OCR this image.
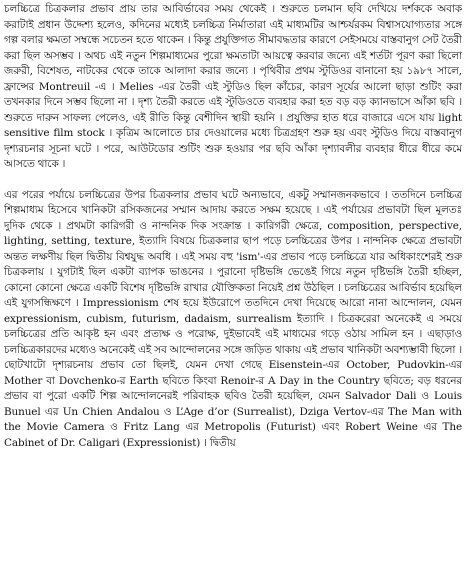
চলচ্চিত্রে চিত্রকলার প্রভাব প্রায় তার আবির্ভাবের সময় থেকেই । শুরুতে চলমান ছবি দেখিয়ে দর্শককে অবাক করাটাই প্রধান উদ্দেশ্য হলেও, কদিনের মধ্যেই চলচ্চিত্র নির্মাতারা এই মাধ্যমটির আশ্চর্যরকম বিশ্বাসযোগ্যতার সঙ্গে গল্প বলার ক্ষমতা সম্বন্ধে সচেতন হতে থাকেন । কিন্তু প্রযুক্তিগত সীমাবদ্ধতার কারণে সেইসময়ে বাস্তবানুগ সেট তৈরী করা ছিল অসম্ভব । অথচ এই নতুন শিল্পমাধ্যমের পুরো ক্ষমতাটা আয়ত্বে করবার জন্যে এই শর্তটা পূরণ করা ছিলো জরুরী, বিশেষত, নাটকের থেকে তাকে আলাদা করার জন্যে । পৃথিবীর প্রথম স্টুডিওর বানানো হয় ১৯৮৭ সালে, ফ্রান্সের Montreuil -এ । Melies -এর তৈরী এই স্টুডিও ছিল কাঁচের, কারণ সূর্যের আলো ছাড়া শুটিং করা তখনকার দিনে সম্ভব ছিলো না । দৃশ্য তৈরী করতে এই স্টুডিওতে ব্যবহার করা হত বড় বড় ক্যানভাসে আঁকা ছবি । শুরুতে দারুন সাফল্য পেলেও, এই রীতি কিন্তু বেশীদিন স্থায়ী হয়নি । প্রযুক্তির হাত ধরে বাজারে এসে যায় light sensitive film stock । কৃত্রিম আলোতে চার দেওয়ালের মধ্যে চিত্রগ্রহণ শুরু হয় এবং স্টুডিও দিয়ে বাস্তবানুগ দৃশ্যরচনার সূচনা ঘটে । পরে, আউটডোর শুটিং শুরু হওয়ার পর ছবি আঁকা দৃশ্যাবলীর ব্যবহার ধীরে ধীরে কমে আসতে থাকে ।

এর পরের পর্যায়ে চলচ্চিত্রের উপর চিত্রকলার প্রভাব ঘটে অন্যভাবে, একটু সম্মানজনকভাবে । ততদিনে চলচ্চিত্র শিল্পমাধ্যম হিসেবে খানিকটা রসিকজনের সম্মান আদায় করতে সক্ষম হয়েছে । এই পর্যায়ের প্রভাবটা ছিল মূলতঃ দুদিক থেকে । প্রথমটা কারিগরী ও নান্দনিক দিক সংক্রান্ত । কারিগরী ক্ষেত্রে, composition, perspective, lighting, setting, texture, ইত্যাদি বিষয়ে চিত্রকলার ছাপ পড়ে চলচ্চিত্রের উপর । নান্দনিক ক্ষেত্রে প্রভাবটা অন্তত লক্ষণীয় ছিল দ্বিতীয় বিশ্বযুদ্ধ অবধি । এই সময় বহু 'ism'-এর প্রভাব পড়ে চলচ্চিত্রে যার অধিকাংশেরই শুরু চিত্রকলায় । যুগটাই ছিল একটা ব্যাপক ভাঙনের । পুরানো দৃষ্টিভঙ্গি ভেঙেই গিয়ে নতুন দৃষ্টিভঙ্গি তৈরী হচ্ছিল, কোনো কোনো ক্ষেত্রে একটি বিশেষ দৃষ্টিভঙ্গি রাখার যৌক্তিকতা নিয়েই প্রশ্ন উঠছিল । চলচ্চিত্রের আবির্ভাব হয়েছিল এই যুগসন্ধিক্ষণে । Impressionism শেষ হয়ে ইউরোপে ততদিনে দেখা দিয়েছে আরো নানা আন্দোলন, যেমন expressionism, cubism, futurism, dadaism, surrealism ইত্যাদি । চিত্রকরেরা অনেকেই এ সময়ে চলচ্চিত্রের প্রতি আকৃষ্ট হন এবং প্রত্যক্ষ ও পরোক্ষ, দুইভাবেই এই মাধ্যমের গড়ে ওঠায় সামিল হন । এছাড়াও চলচ্চিত্রকারদের মধ্যেও অনেকেই এই সব আন্দোলনের সঙ্গে জড়িত থাকায় এই প্রভাব খানিকটা অবশ্যম্ভাবী ছিলো । ছোটখাটো দৃশ্যরচনায় প্রভাব তো ছিলই, যেমন দেখা গেছে Eisenstein-এর October, Pudovkin-এর Mother বা Dovchenko-র Earth ছবিতে কিংবা Renoir-র A Day in the Country ছবিতে; বড় ধরনের প্রভাব বা পুরো একটি শিল্প আন্দোলনেরই পরিবাহক ছবিও তৈরী হয়েছিল, যেমন Salvador Dali ও Louis Bunuel এর Un Chien Andalou ও L’Age d’or (Surrealist), Dziga Vertov-এর The Man with the Movie Camera ও Fritz Lang এর Metropolis (Futurist) এবং Robert Weine এর The Cabinet of Dr. Caligari (Expressionist) । দ্বিতীয়
